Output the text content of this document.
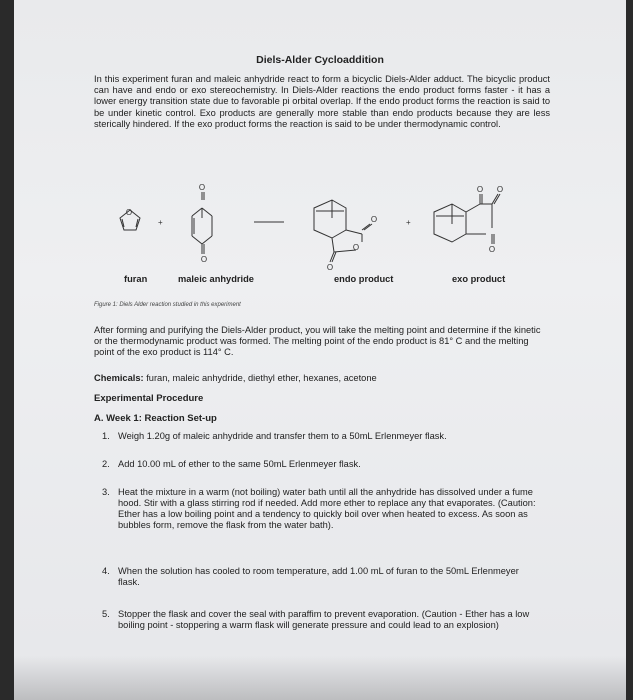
Diels-Alder Cycloaddition
In this experiment furan and maleic anhydride react to form a bicyclic Diels-Alder adduct. The bicyclic product can have and endo or exo stereochemistry. In Diels-Alder reactions the endo product forms faster - it has a lower energy transition state due to favorable pi orbital overlap. If the endo product forms the reaction is said to be under kinetic control. Exo products are generally more stable than endo products because they are less sterically hindered. If the exo product forms the reaction is said to be under thermodynamic control.
+	+
O
O
O
O
O
O
O O
O
furan	maleic anhydride	endo product	exo product
Figure 1: Diels Alder reaction studied in this experiment
After forming and purifying the Diels-Alder product, you will take the melting point and determine if the kinetic or the thermodynamic product was formed. The melting point of the endo product is 81° C and the melting point of the exo product is 114° C.
Chemicals: furan, maleic anhydride, diethyl ether, hexanes, acetone
Experimental Procedure
A. Week 1: Reaction Set-up
1. Weigh 1.20g of maleic anhydride and transfer them to a 50mL Erlenmeyer flask.
2. Add 10.00 mL of ether to the same 50mL Erlenmeyer flask.
3. Heat the mixture in a warm (not boiling) water bath until all the anhydride has dissolved under a fume hood. Stir with a glass stirring rod if needed. Add more ether to replace any that evaporates. (Caution: Ether has a low boiling point and a tendency to quickly boil over when heated to excess. As soon as bubbles form, remove the flask from the water bath).
4. When the solution has cooled to room temperature, add 1.00 mL of furan to the 50mL Erlenmeyer flask.
5. Stopper the flask and cover the seal with paraffim to prevent evaporation. (Caution - Ether has a low boiling point - stoppering a warm flask will generate pressure and could lead to an explosion)
